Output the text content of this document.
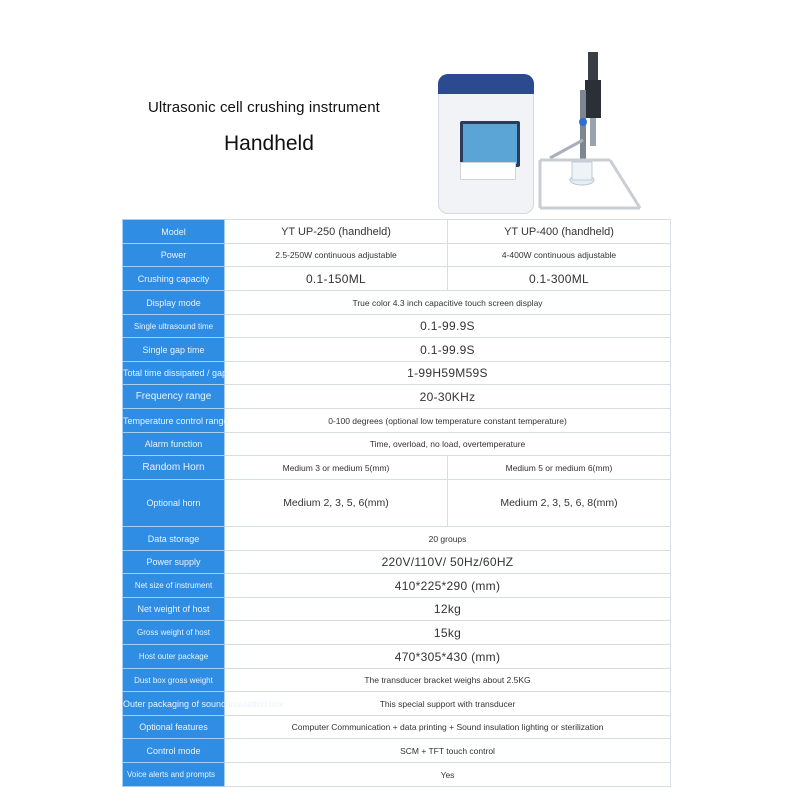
Ultrasonic cell crushing instrument
Handheld
Model	YT UP-250 (handheld)	YT UP-400 (handheld)
Power	2.5-250W continuous adjustable	4-400W continuous adjustable
Crushing capacity	0.1-150ML	0.1-300ML
Display mode	True color 4.3 inch capacitive touch screen display	
Single ultrasound time	0.1-99.9S	
Single gap time	0.1-99.9S	
Total time dissipated / gap	1-99H59M59S	
Frequency range	20-30KHz	
Temperature control range	0-100 degrees (optional low temperature constant temperature)	
Alarm function	Time, overload, no load, overtemperature	
Random Horn	Medium 3 or medium 5(mm)	Medium 5 or medium 6(mm)
Optional horn	Medium 2, 3, 5, 6(mm)	Medium 2, 3, 5, 6, 8(mm)
Data storage	20 groups	
Power supply	220V/110V/ 50Hz/60HZ	
Net size of instrument	410*225*290 (mm)	
Net weight of host	12kg	
Gross weight of host	15kg	
Host outer package	470*305*430 (mm)	
Dust box gross weight	The transducer bracket weighs about 2.5KG	
Outer packaging of sound insulation box	This special support with transducer	
Optional features	Computer Communication + data printing + Sound insulation lighting or sterilization	
Control mode	SCM + TFT touch control	
Voice alerts and prompts	Yes	
